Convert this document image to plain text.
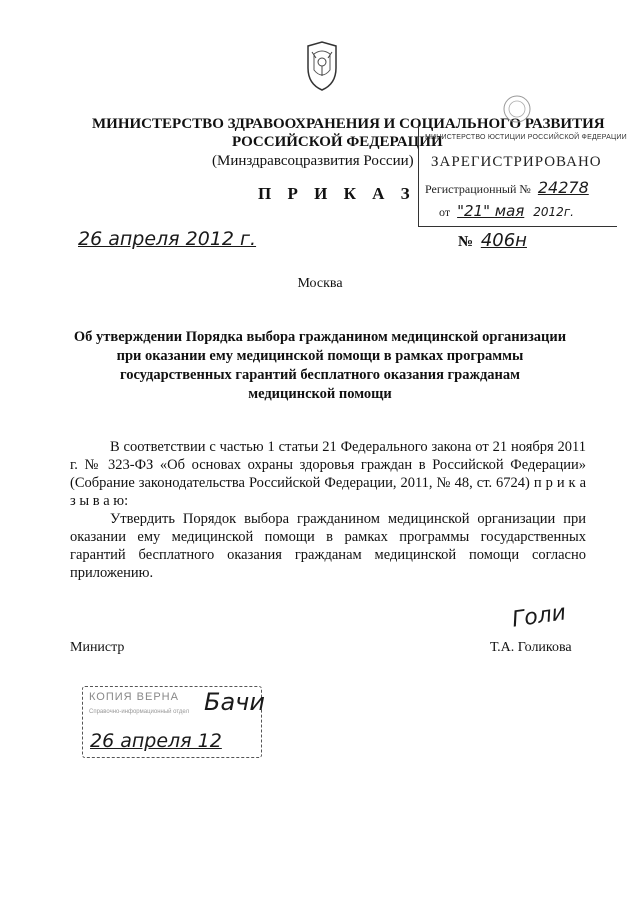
МИНИСТЕРСТВО ЗДРАВООХРАНЕНИЯ И СОЦИАЛЬНОГО РАЗВИТИЯ
РОССИЙСКОЙ ФЕДЕРАЦИИ
(Минздравсоцразвития России)
МИНИСТЕРСТВО ЮСТИЦИИ РОССИЙСКОЙ ФЕДЕРАЦИИ
ЗАРЕГИСТРИРОВАНО
Регистрационный № 24278
от "21" мая 2012г.
П Р И К А З
26 апреля 2012 г.	№ 406н
Москва
Об утверждении Порядка выбора гражданином медицинской организации
при оказании ему медицинской помощи в рамках программы
государственных гарантий бесплатного оказания гражданам
медицинской помощи
В соответствии с частью 1 статьи 21 Федерального закона от 21 ноября 2011 г. № 323-ФЗ «Об основах охраны здоровья граждан в Российской Федерации» (Собрание законодательства Российской Федерации, 2011, № 48, ст. 6724) п р и к а з ы в а ю:
Утвердить Порядок выбора гражданином медицинской организации при оказании ему медицинской помощи в рамках программы государственных гарантий бесплатного оказания гражданам медицинской помощи согласно приложению.
Министр
Голи
Т.А. Голикова
КОПИЯ ВЕРНА
Справочно-информационный отдел Бачи
26 апреля 12
